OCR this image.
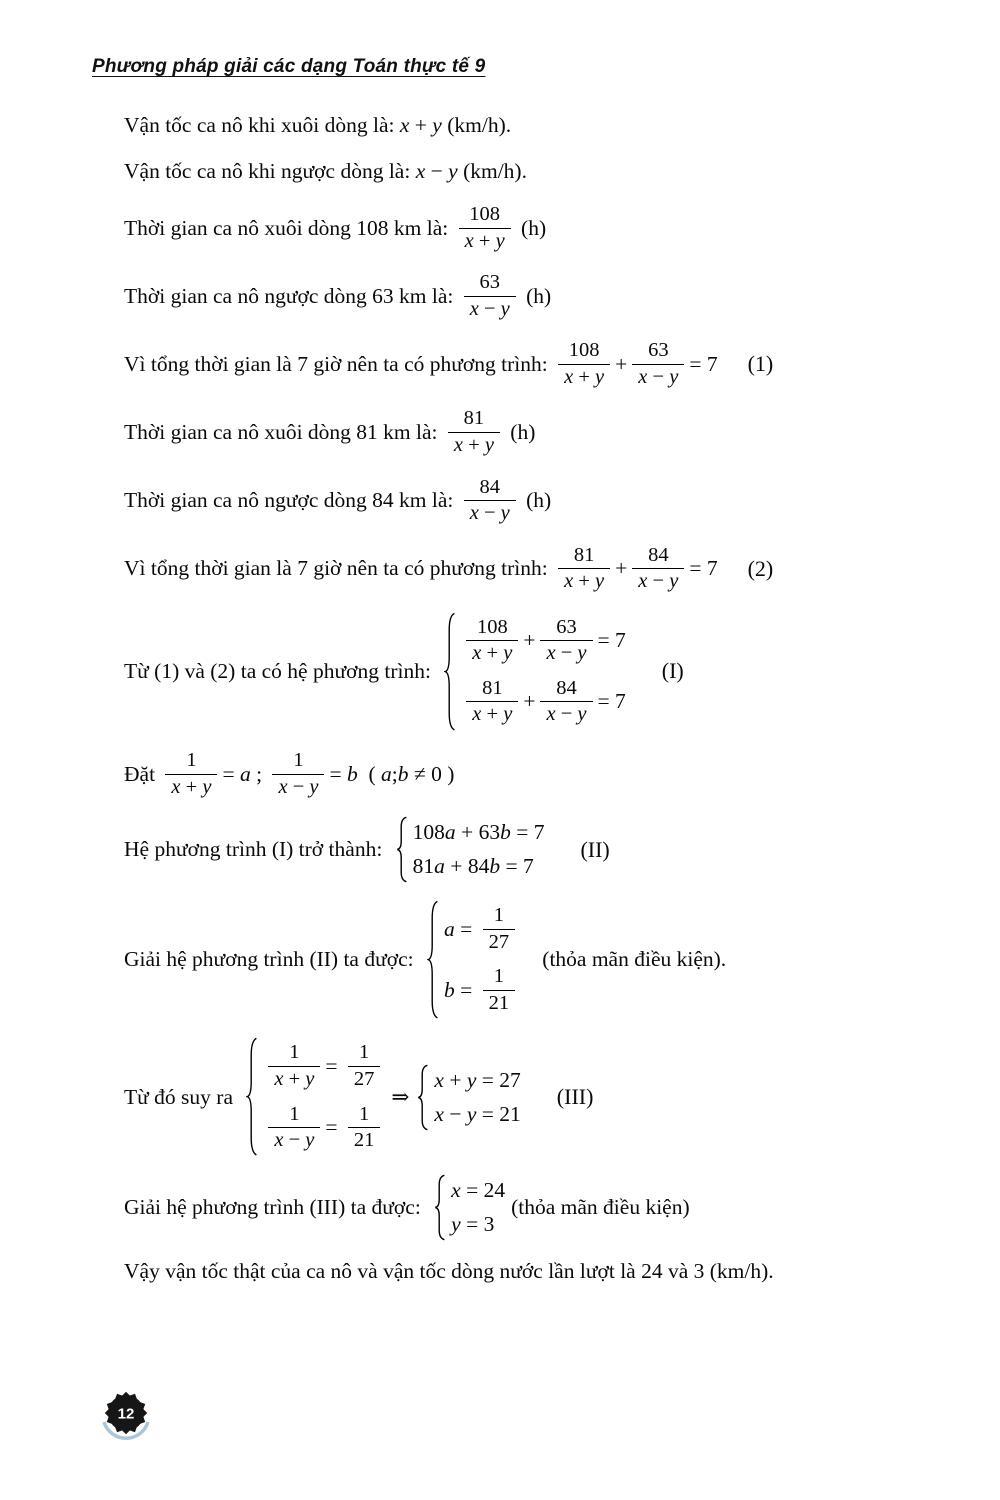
Phương pháp giải các dạng Toán thực tế 9
Vận tốc ca nô khi xuôi dòng là: x + y (km/h).
Vận tốc ca nô khi ngược dòng là: x − y (km/h).
Thời gian ca nô xuôi dòng 108 km là: $\frac{108}{x + y} (h)$
Thời gian ca nô ngược dòng 63 km là: $\frac{63}{x - y} (h)$
Vì tổng thời gian là 7 giờ nên ta có phương trình: $\frac{108}{x + y} + \frac{63}{x - y} = 7$ (1)
Thời gian ca nô xuôi dòng 81 km là: $\frac{81}{x + y} (h)$
Thời gian ca nô ngược dòng 84 km là: $\frac{84}{x - y} (h)$
Vì tổng thời gian là 7 giờ nên ta có phương trình: $\frac{81}{x + y} + \frac{84}{x - y} = 7$ (2)
Từ (1) và (2) ta có hệ phương trình:
$\frac{108}{x + y} + \frac{63}{x - y} = 7$
$\frac{81}{x + y} + \frac{84}{x - y} = 7$
(I)
Đặt $\frac{1}{x + y} = a$ ; $\frac{1}{x - y} = b$ ( a;b ≠ 0 )
Hệ phương trình (I) trở thành:
108a + 63b = 7
81a + 84b = 7
(II)
Giải hệ phương trình (II) ta được:
$a = \frac{1}{27}$
$b = \frac{1}{21}$
(thỏa mãn điều kiện).
Từ đó suy ra
$\frac{1}{x + y} = \frac{1}{27}$
$\frac{1}{x - y} = \frac{1}{21}$
⇒
x + y = 27
x − y = 21
(III)
Giải hệ phương trình (III) ta được:
x = 24
y = 3
(thỏa mãn điều kiện)
Vậy vận tốc thật của ca nô và vận tốc dòng nước lần lượt là 24 và 3 (km/h).
12
